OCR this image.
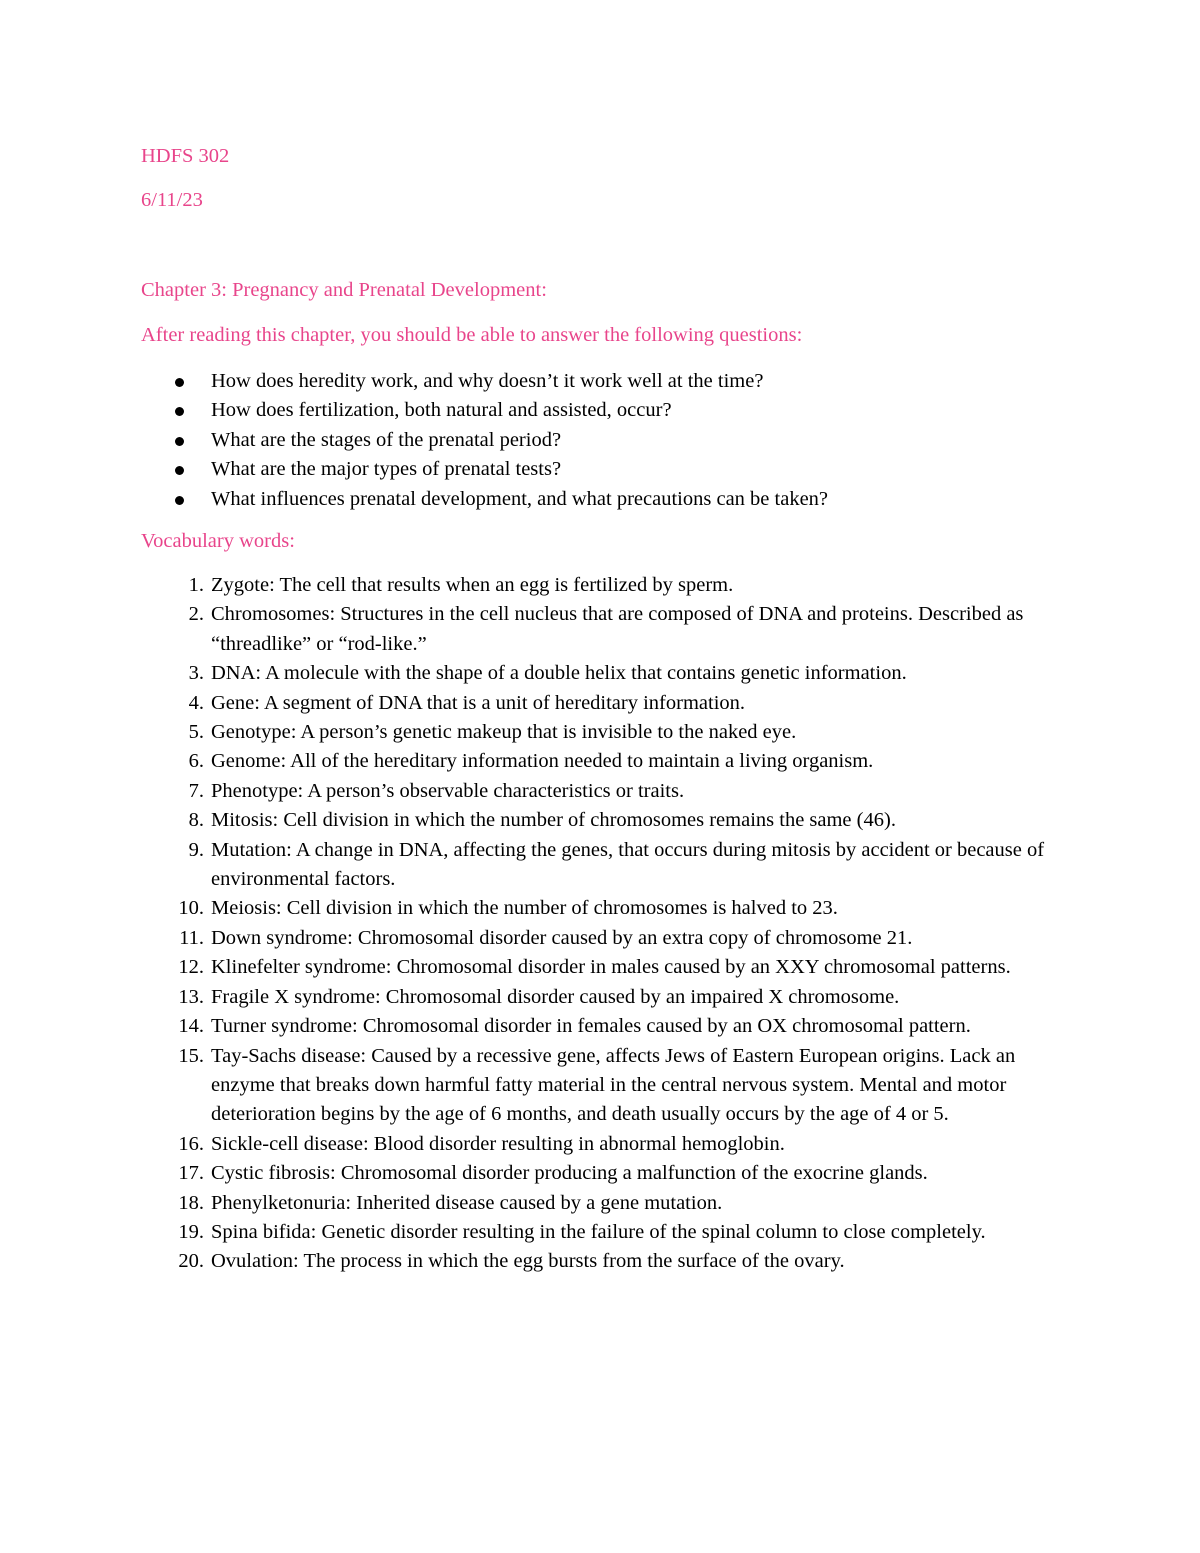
HDFS 302

6/11/23

Chapter 3: Pregnancy and Prenatal Development:

After reading this chapter, you should be able to answer the following questions:

How does heredity work, and why doesn’t it work well at the time?
How does fertilization, both natural and assisted, occur?
What are the stages of the prenatal period?
What are the major types of prenatal tests?
What influences prenatal development, and what precautions can be taken?

Vocabulary words:

1. Zygote: The cell that results when an egg is fertilized by sperm.
2. Chromosomes: Structures in the cell nucleus that are composed of DNA and proteins. Described as “threadlike” or “rod-like.”
3. DNA: A molecule with the shape of a double helix that contains genetic information.
4. Gene: A segment of DNA that is a unit of hereditary information.
5. Genotype: A person’s genetic makeup that is invisible to the naked eye.
6. Genome: All of the hereditary information needed to maintain a living organism.
7. Phenotype: A person’s observable characteristics or traits.
8. Mitosis: Cell division in which the number of chromosomes remains the same (46).
9. Mutation: A change in DNA, affecting the genes, that occurs during mitosis by accident or because of environmental factors.
10. Meiosis: Cell division in which the number of chromosomes is halved to 23.
11. Down syndrome: Chromosomal disorder caused by an extra copy of chromosome 21.
12. Klinefelter syndrome: Chromosomal disorder in males caused by an XXY chromosomal patterns.
13. Fragile X syndrome: Chromosomal disorder caused by an impaired X chromosome.
14. Turner syndrome: Chromosomal disorder in females caused by an OX chromosomal pattern.
15. Tay-Sachs disease: Caused by a recessive gene, affects Jews of Eastern European origins. Lack an enzyme that breaks down harmful fatty material in the central nervous system. Mental and motor deterioration begins by the age of 6 months, and death usually occurs by the age of 4 or 5.
16. Sickle-cell disease: Blood disorder resulting in abnormal hemoglobin.
17. Cystic fibrosis: Chromosomal disorder producing a malfunction of the exocrine glands.
18. Phenylketonuria: Inherited disease caused by a gene mutation.
19. Spina bifida: Genetic disorder resulting in the failure of the spinal column to close completely.
20. Ovulation: The process in which the egg bursts from the surface of the ovary.
